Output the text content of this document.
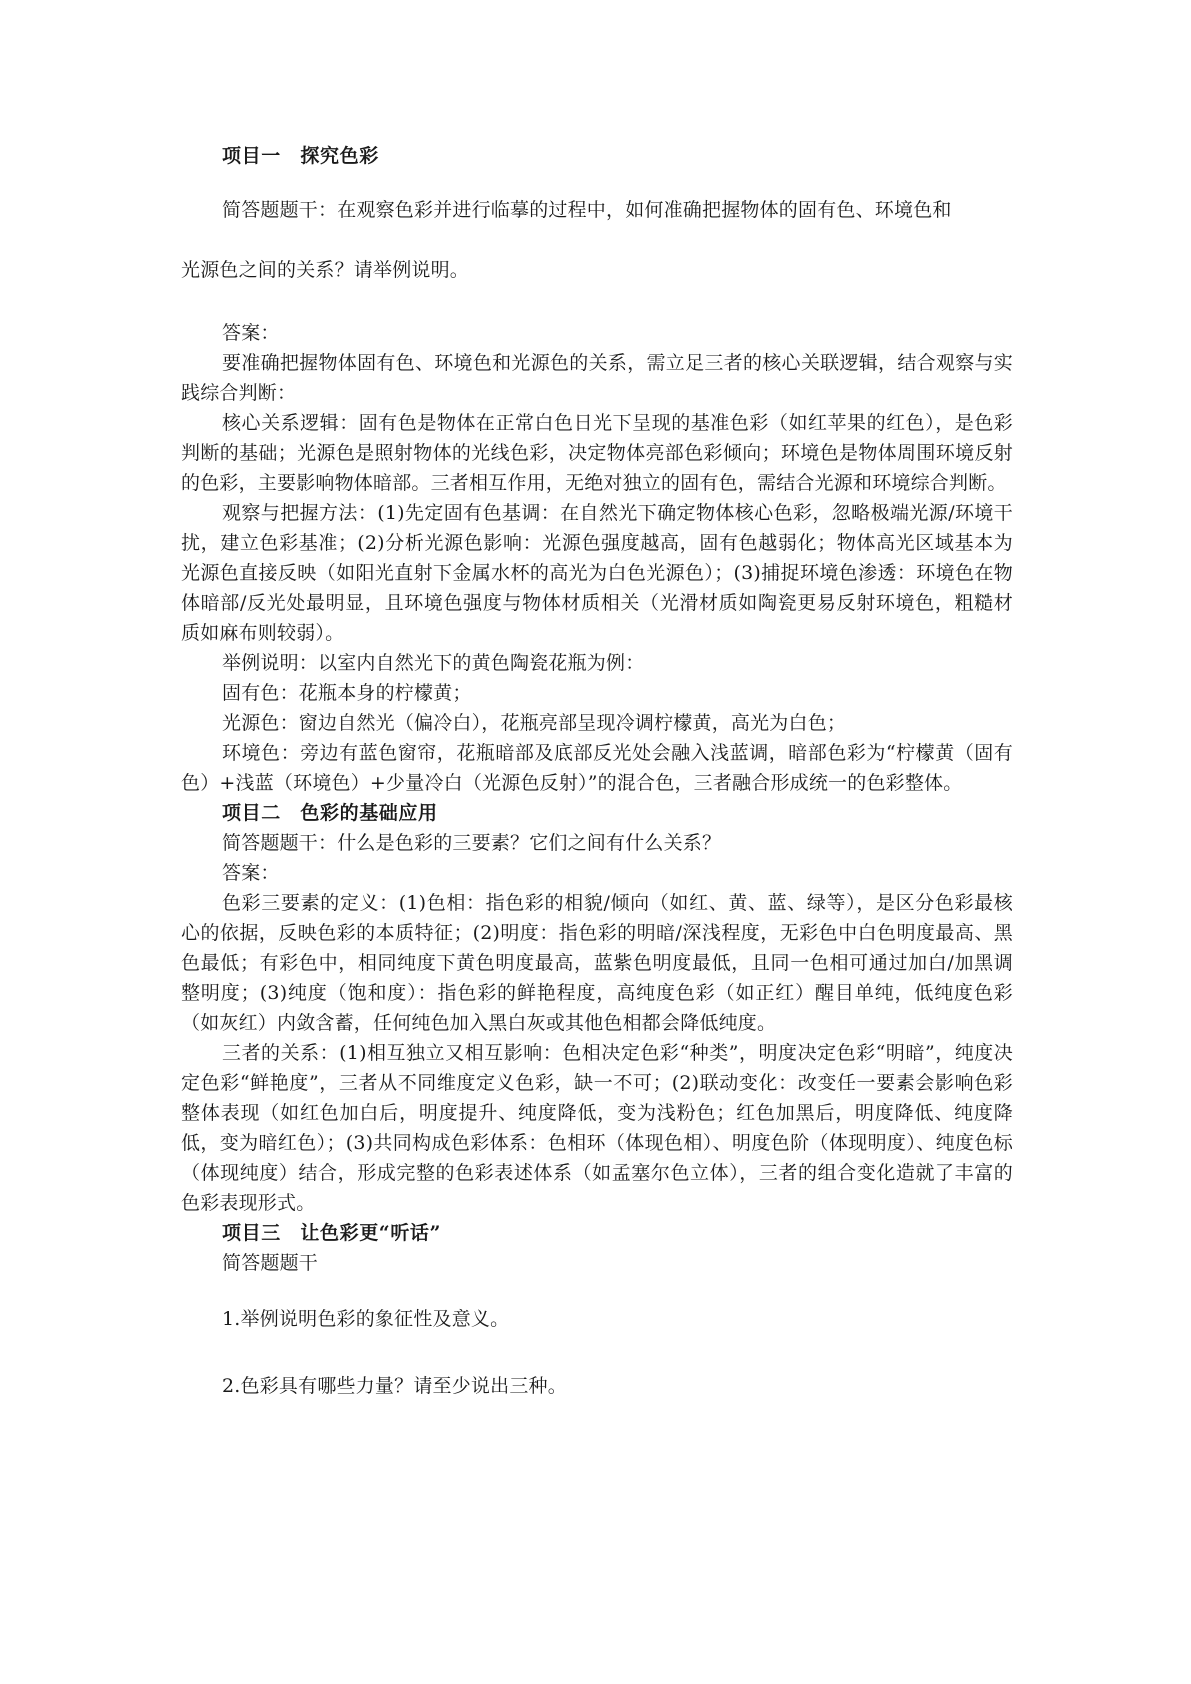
项目一　探究色彩

简答题题干：在观察色彩并进行临摹的过程中，如何准确把握物体的固有色、环境色和

光源色之间的关系？请举例说明。

答案：

要准确把握物体固有色、环境色和光源色的关系，需立足三者的核心关联逻辑，结合观察与实践综合判断：

核心关系逻辑：固有色是物体在正常白色日光下呈现的基准色彩（如红苹果的红色），是色彩判断的基础；光源色是照射物体的光线色彩，决定物体亮部色彩倾向；环境色是物体周围环境反射的色彩，主要影响物体暗部。三者相互作用，无绝对独立的固有色，需结合光源和环境综合判断。

观察与把握方法：(1)先定固有色基调：在自然光下确定物体核心色彩，忽略极端光源/环境干扰，建立色彩基准；(2)分析光源色影响：光源色强度越高，固有色越弱化；物体高光区域基本为光源色直接反映（如阳光直射下金属水杯的高光为白色光源色）；(3)捕捉环境色渗透：环境色在物体暗部/反光处最明显，且环境色强度与物体材质相关（光滑材质如陶瓷更易反射环境色，粗糙材质如麻布则较弱）。

举例说明：以室内自然光下的黄色陶瓷花瓶为例：

固有色：花瓶本身的柠檬黄；

光源色：窗边自然光（偏冷白），花瓶亮部呈现冷调柠檬黄，高光为白色；

环境色：旁边有蓝色窗帘，花瓶暗部及底部反光处会融入浅蓝调，暗部色彩为“柠檬黄（固有色）+浅蓝（环境色）+少量冷白（光源色反射）”的混合色，三者融合形成统一的色彩整体。

项目二　色彩的基础应用

简答题题干：什么是色彩的三要素？它们之间有什么关系？

答案：

色彩三要素的定义：(1)色相：指色彩的相貌/倾向（如红、黄、蓝、绿等），是区分色彩最核心的依据，反映色彩的本质特征；(2)明度：指色彩的明暗/深浅程度，无彩色中白色明度最高、黑色最低；有彩色中，相同纯度下黄色明度最高，蓝紫色明度最低，且同一色相可通过加白/加黑调整明度；(3)纯度（饱和度）：指色彩的鲜艳程度，高纯度色彩（如正红）醒目单纯，低纯度色彩（如灰红）内敛含蓄，任何纯色加入黑白灰或其他色相都会降低纯度。

三者的关系：(1)相互独立又相互影响：色相决定色彩“种类”，明度决定色彩“明暗”，纯度决定色彩“鲜艳度”，三者从不同维度定义色彩，缺一不可；(2)联动变化：改变任一要素会影响色彩整体表现（如红色加白后，明度提升、纯度降低，变为浅粉色；红色加黑后，明度降低、纯度降低，变为暗红色）；(3)共同构成色彩体系：色相环（体现色相）、明度色阶（体现明度）、纯度色标（体现纯度）结合，形成完整的色彩表述体系（如孟塞尔色立体），三者的组合变化造就了丰富的色彩表现形式。

项目三　让色彩更“听话”

简答题题干

1.举例说明色彩的象征性及意义。

2.色彩具有哪些力量？请至少说出三种。
